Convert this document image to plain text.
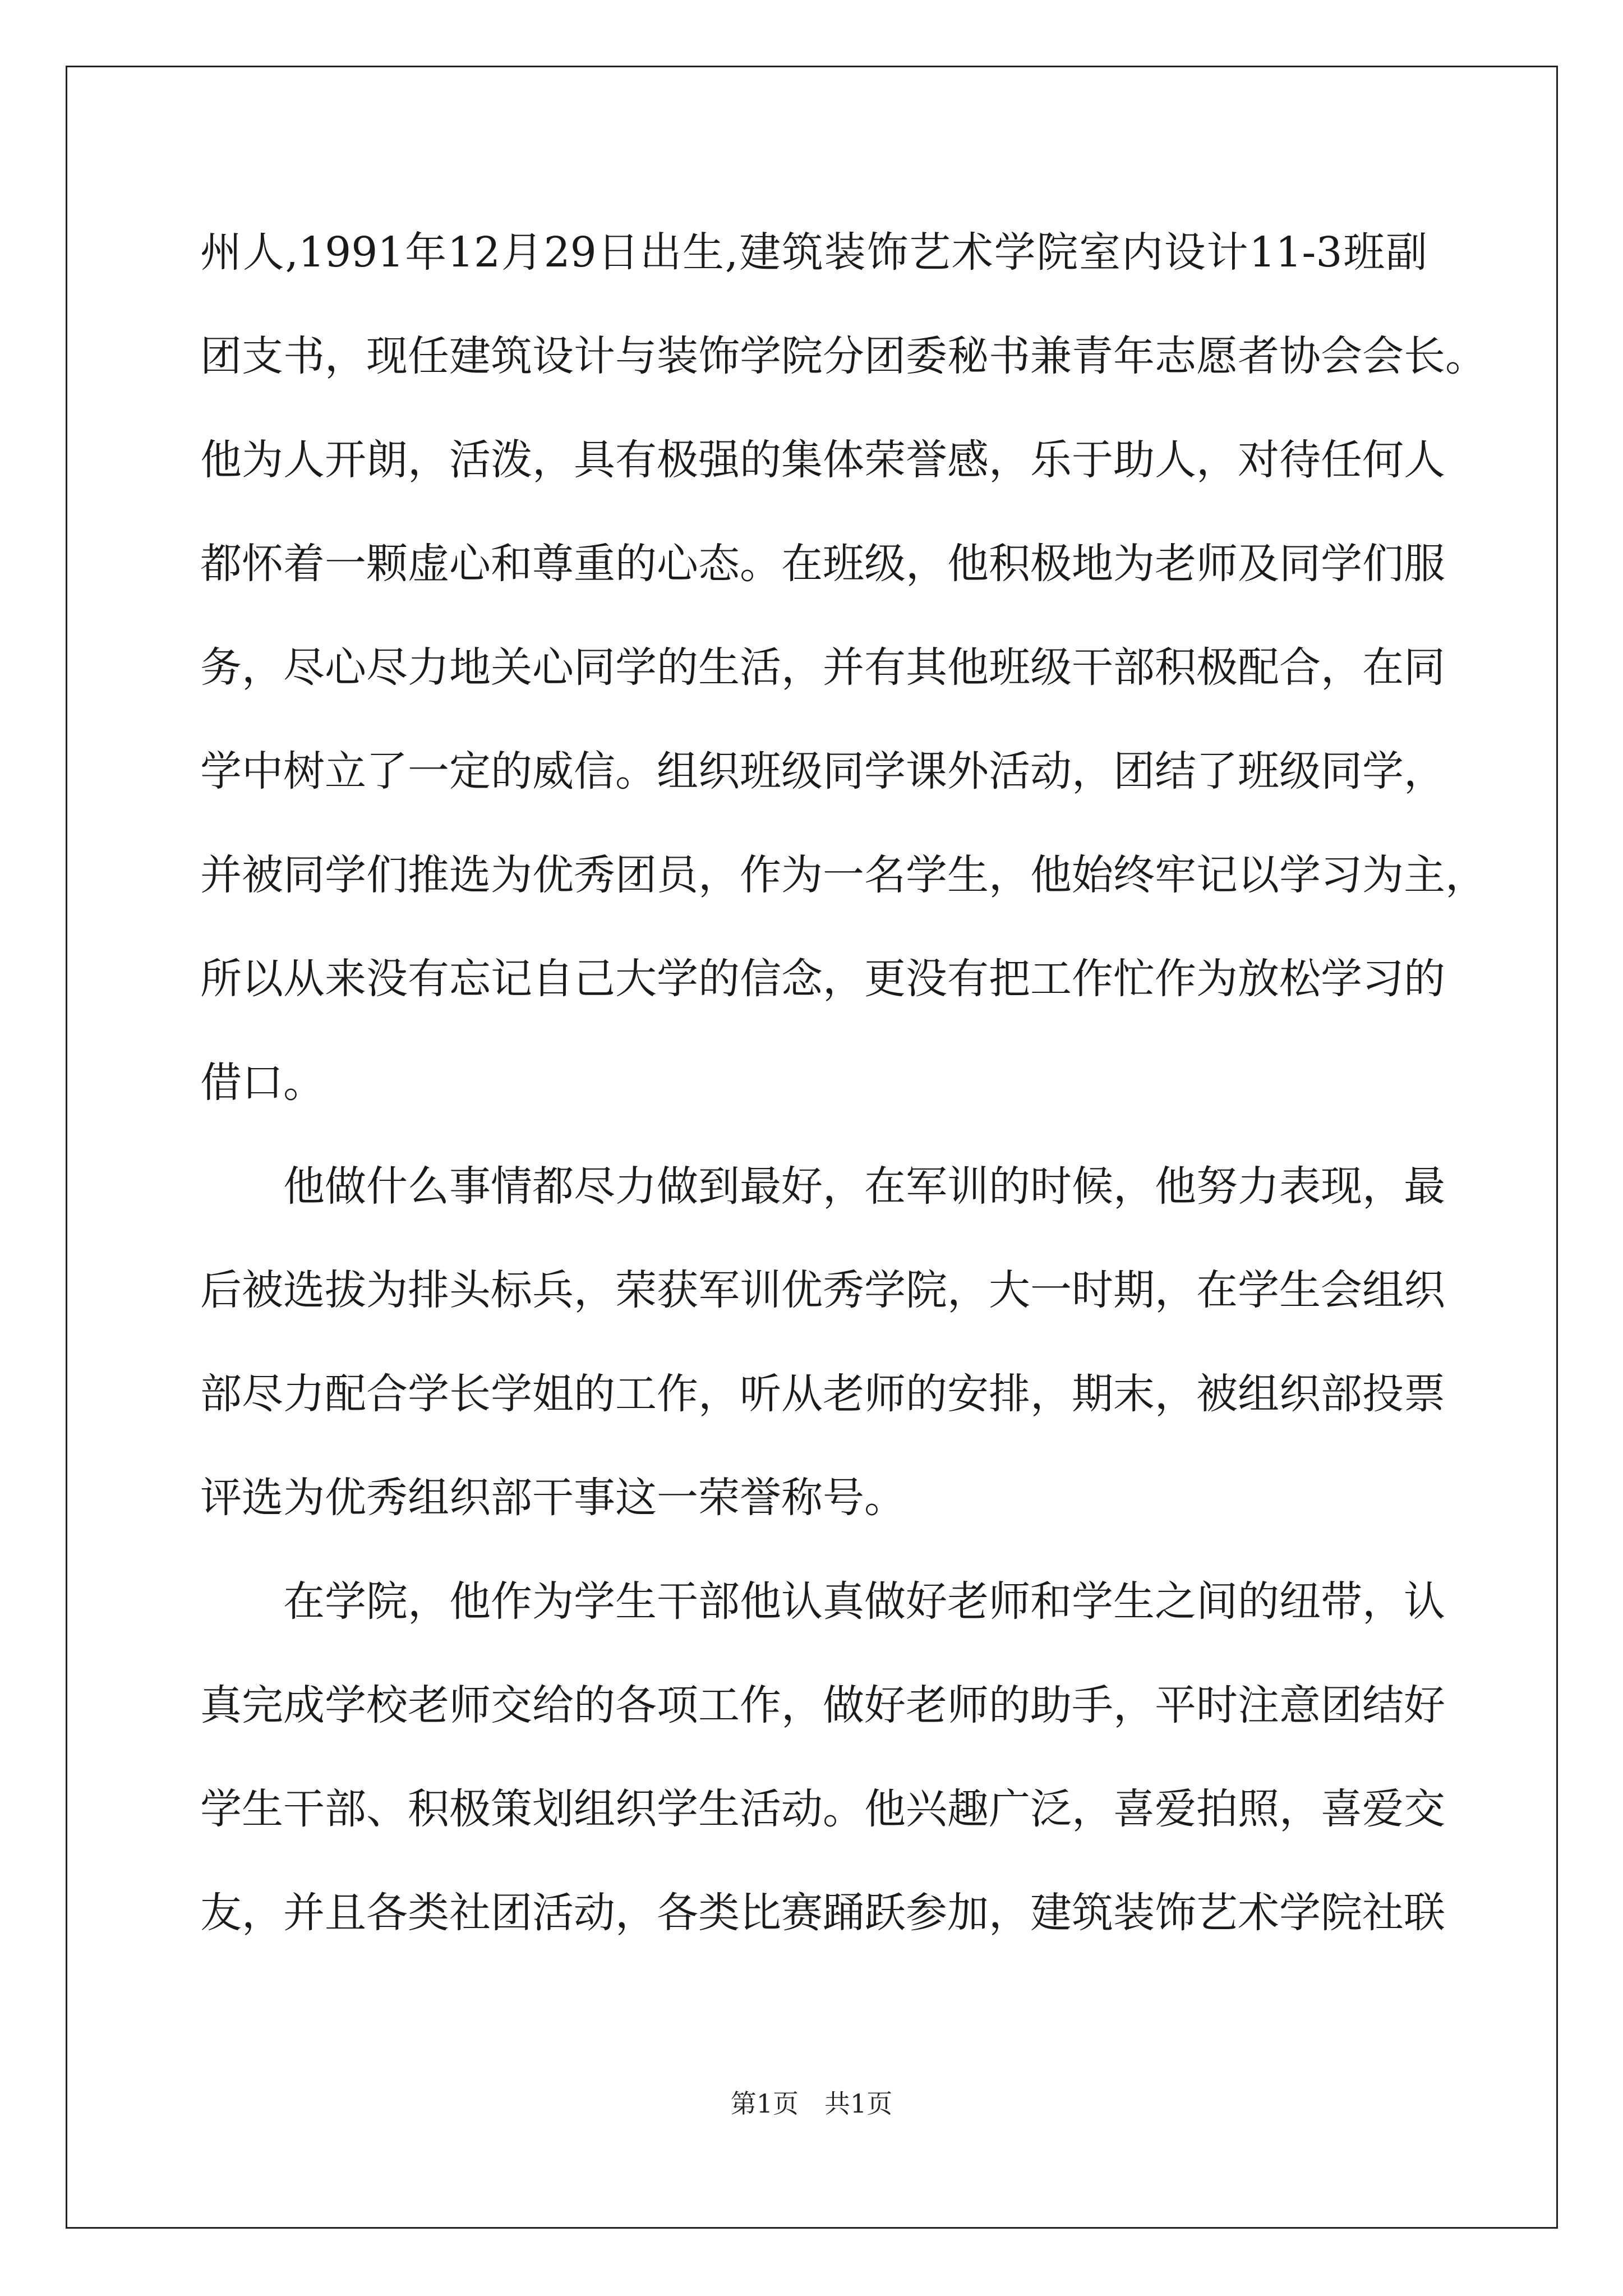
州人,1991年12月29日出生,建筑装饰艺术学院室内设计11-3班副
团支书，现任建筑设计与装饰学院分团委秘书兼青年志愿者协会会长。
他为人开朗，活泼，具有极强的集体荣誉感，乐于助人，对待任何人
都怀着一颗虚心和尊重的心态。在班级，他积极地为老师及同学们服
务，尽心尽力地关心同学的生活，并有其他班级干部积极配合，在同
学中树立了一定的威信。组织班级同学课外活动，团结了班级同学，
并被同学们推选为优秀团员，作为一名学生，他始终牢记以学习为主，
所以从来没有忘记自己大学的信念，更没有把工作忙作为放松学习的
借口。
他做什么事情都尽力做到最好，在军训的时候，他努力表现，最
后被选拔为排头标兵，荣获军训优秀学院，大一时期，在学生会组织
部尽力配合学长学姐的工作，听从老师的安排，期末，被组织部投票
评选为优秀组织部干事这一荣誉称号。
在学院，他作为学生干部他认真做好老师和学生之间的纽带，认
真完成学校老师交给的各项工作，做好老师的助手，平时注意团结好
学生干部、积极策划组织学生活动。他兴趣广泛，喜爱拍照，喜爱交
友，并且各类社团活动，各类比赛踊跃参加，建筑装饰艺术学院社联
第1页　共1页
